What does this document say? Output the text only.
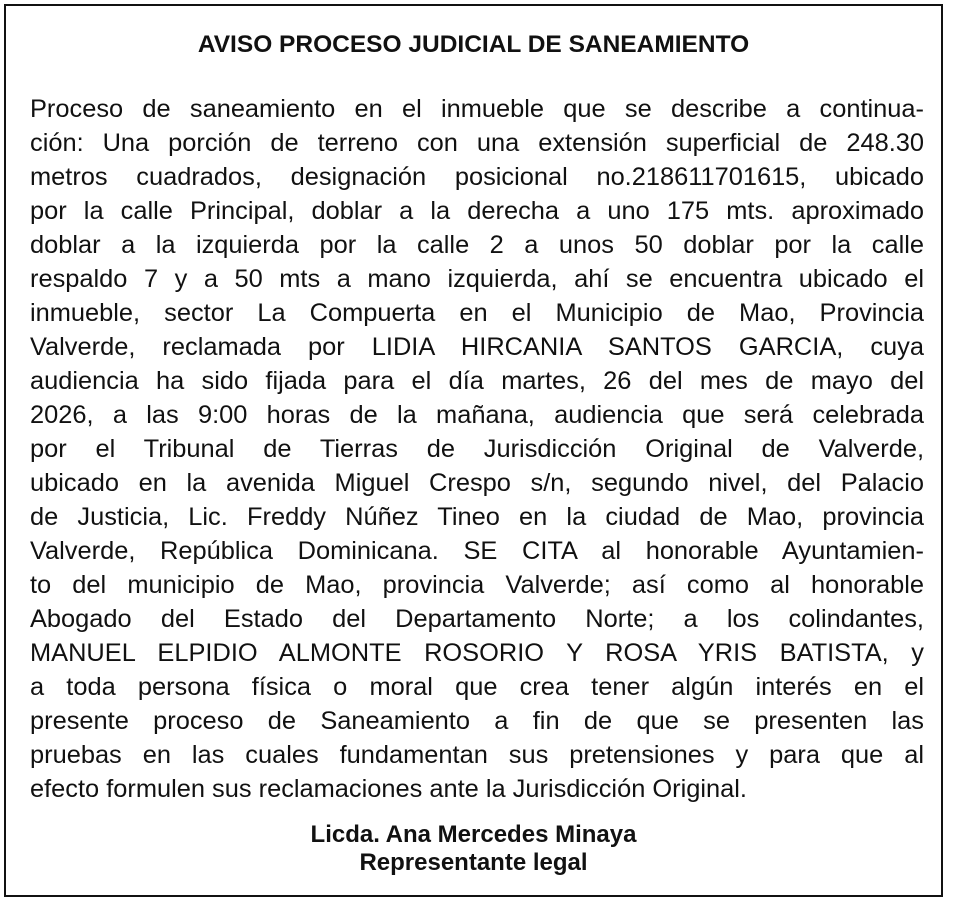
AVISO PROCESO JUDICIAL DE SANEAMIENTO
Proceso de saneamiento en el inmueble que se describe a continua-
ción: Una porción de terreno con una extensión superficial de 248.30
metros cuadrados, designación posicional no.218611701615, ubicado
por la calle Principal, doblar a la derecha a uno 175 mts. aproximado
doblar a la izquierda por la calle 2 a unos 50 doblar por la calle
respaldo 7 y a 50 mts a mano izquierda, ahí se encuentra ubicado el
inmueble, sector La Compuerta en el Municipio de Mao, Provincia
Valverde, reclamada por LIDIA HIRCANIA SANTOS GARCIA, cuya
audiencia ha sido fijada para el día martes, 26 del mes de mayo del
2026, a las 9:00 horas de la mañana, audiencia que será celebrada
por el Tribunal de Tierras de Jurisdicción Original de Valverde,
ubicado en la avenida Miguel Crespo s/n, segundo nivel, del Palacio
de Justicia, Lic. Freddy Núñez Tineo en la ciudad de Mao, provincia
Valverde, República Dominicana. SE CITA al honorable Ayuntamien-
to del municipio de Mao, provincia Valverde; así como al honorable
Abogado del Estado del Departamento Norte; a los colindantes,
MANUEL ELPIDIO ALMONTE ROSORIO Y ROSA YRIS BATISTA, y
a toda persona física o moral que crea tener algún interés en el
presente proceso de Saneamiento a fin de que se presenten las
pruebas en las cuales fundamentan sus pretensiones y para que al
efecto formulen sus reclamaciones ante la Jurisdicción Original.
Licda. Ana Mercedes Minaya
Representante legal
